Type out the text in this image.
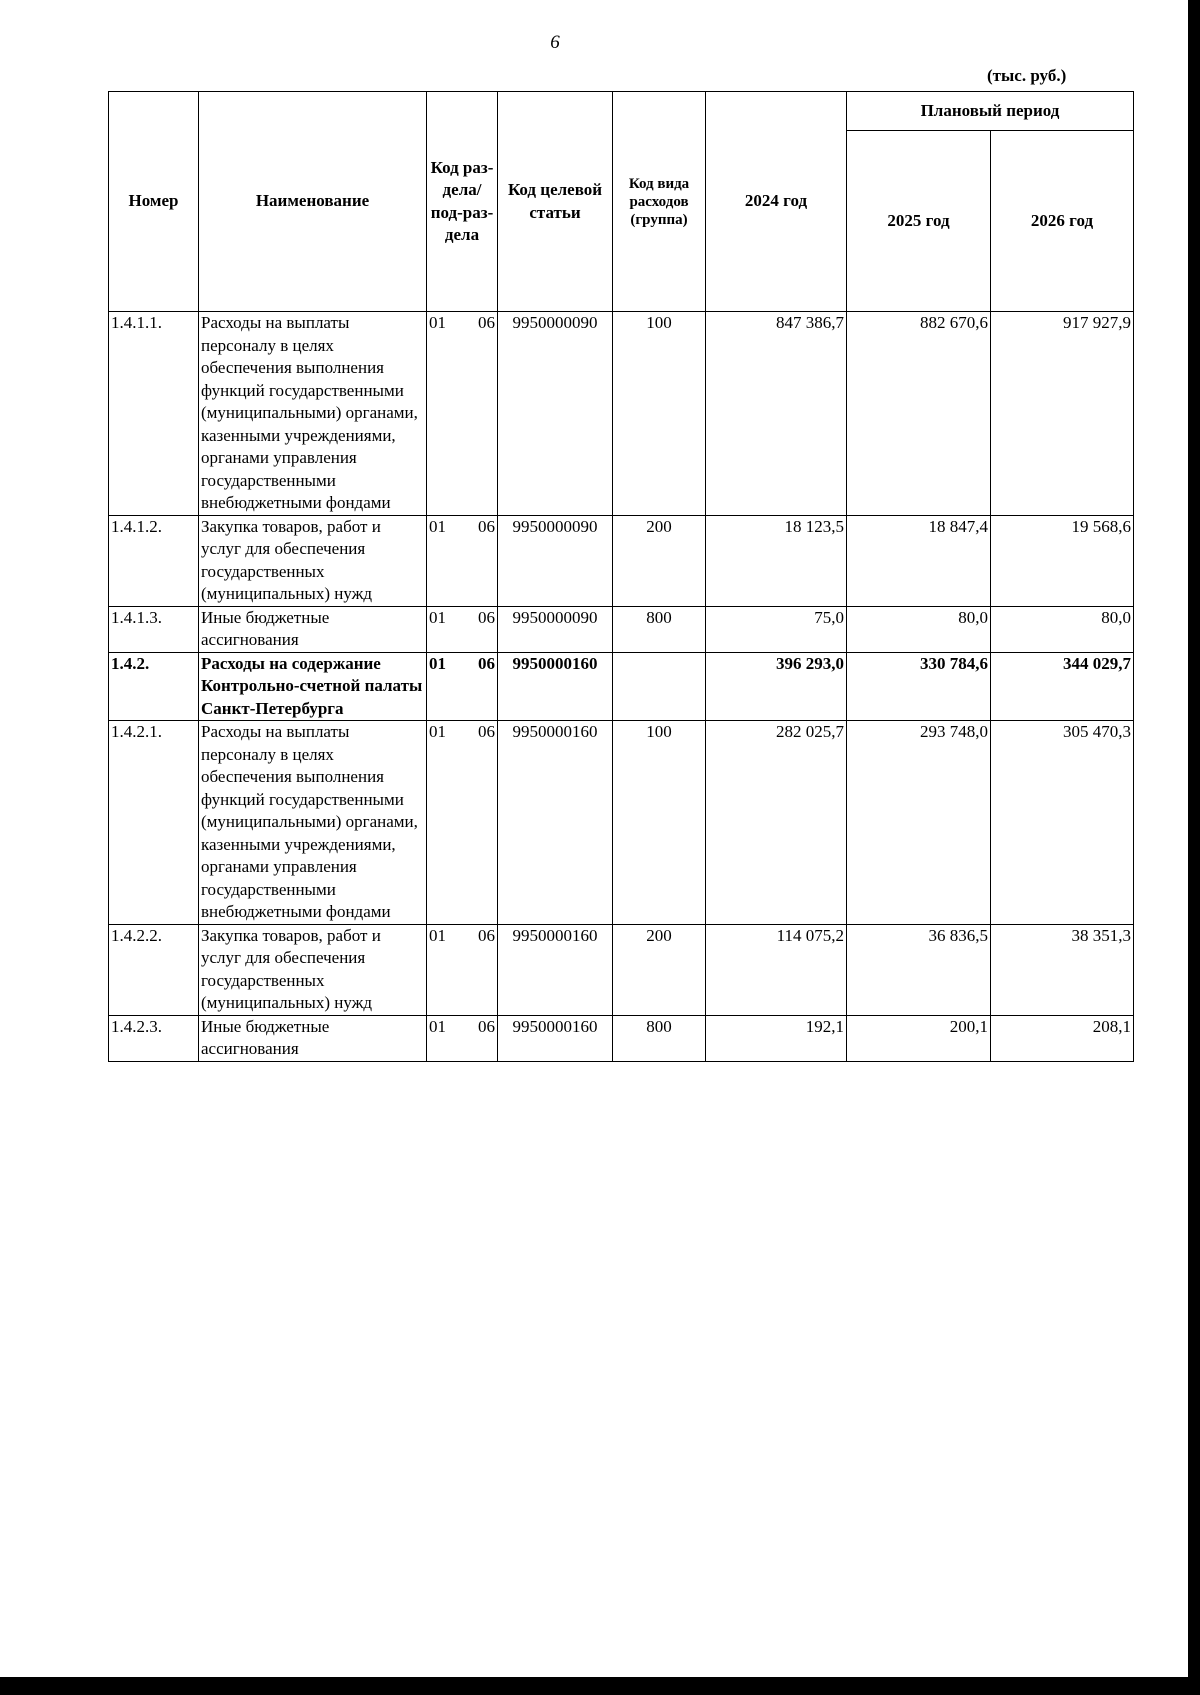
6
(тыс. руб.)
Номер	Наименование	Код раз-дела/ под-раз-дела	Код целевой статьи	Код вида расходов (группа)	2024 год	Плановый период	
						2025 год	2026 год
1.4.1.1.	Расходы на выплаты персоналу в целях обеспечения выполнения функций государственными (муниципальными) органами, казенными учреждениями, органами управления государственными внебюджетными фондами	01 06	9950000090	100	847 386,7	882 670,6	917 927,9
1.4.1.2.	Закупка товаров, работ и услуг для обеспечения государственных (муниципальных) нужд	01 06	9950000090	200	18 123,5	18 847,4	19 568,6
1.4.1.3.	Иные бюджетные ассигнования	01 06	9950000090	800	75,0	80,0	80,0
1.4.2.	Расходы на содержание Контрольно-счетной палаты Санкт-Петербурга	01 06	9950000160		396 293,0	330 784,6	344 029,7
1.4.2.1.	Расходы на выплаты персоналу в целях обеспечения выполнения функций государственными (муниципальными) органами, казенными учреждениями, органами управления государственными внебюджетными фондами	01 06	9950000160	100	282 025,7	293 748,0	305 470,3
1.4.2.2.	Закупка товаров, работ и услуг для обеспечения государственных (муниципальных) нужд	01 06	9950000160	200	114 075,2	36 836,5	38 351,3
1.4.2.3.	Иные бюджетные ассигнования	01 06	9950000160	800	192,1	200,1	208,1
